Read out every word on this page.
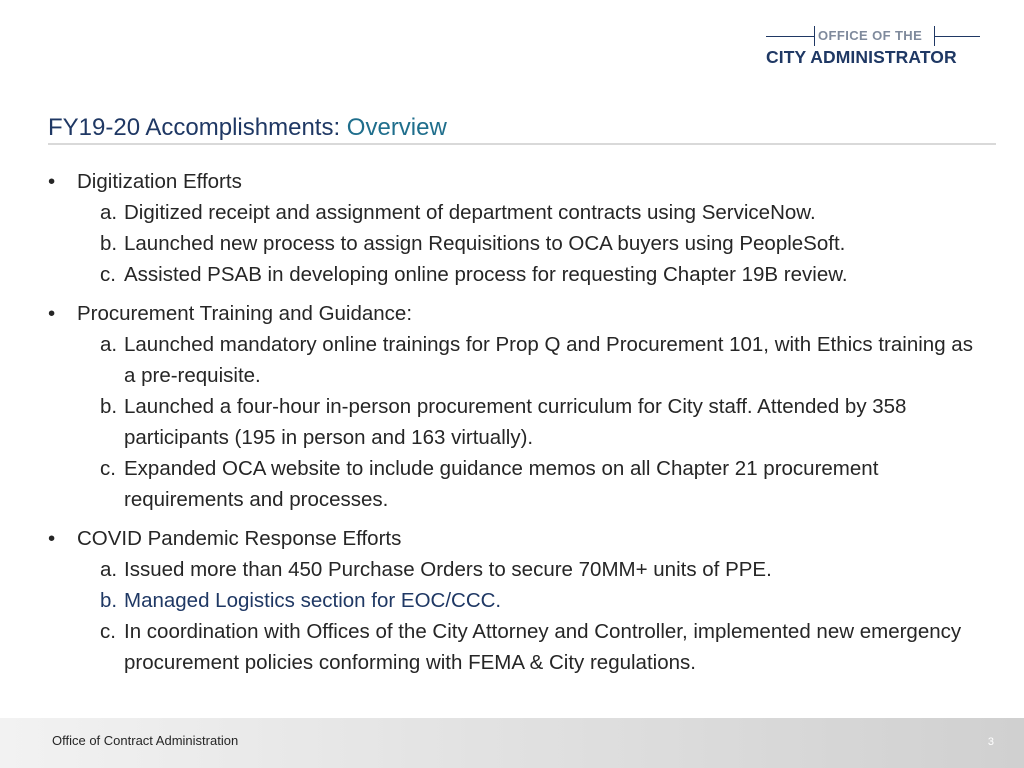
OFFICE OF THE
CITY ADMINISTRATOR
FY19-20 Accomplishments: Overview
• Digitization Efforts
a. Digitized receipt and assignment of department contracts using ServiceNow.
b. Launched new process to assign Requisitions to OCA buyers using PeopleSoft.
c. Assisted PSAB in developing online process for requesting Chapter 19B review.
• Procurement Training and Guidance:
a. Launched mandatory online trainings for Prop Q and Procurement 101, with Ethics training as a pre-requisite.
b. Launched a four-hour in-person procurement curriculum for City staff. Attended by 358 participants (195 in person and 163 virtually).
c. Expanded OCA website to include guidance memos on all Chapter 21 procurement requirements and processes.
• COVID Pandemic Response Efforts
a. Issued more than 450 Purchase Orders to secure 70MM+ units of PPE.
b. Managed Logistics section for EOC/CCC.
c. In coordination with Offices of the City Attorney and Controller, implemented new emergency procurement policies conforming with FEMA & City regulations.
Office of Contract Administration	3
